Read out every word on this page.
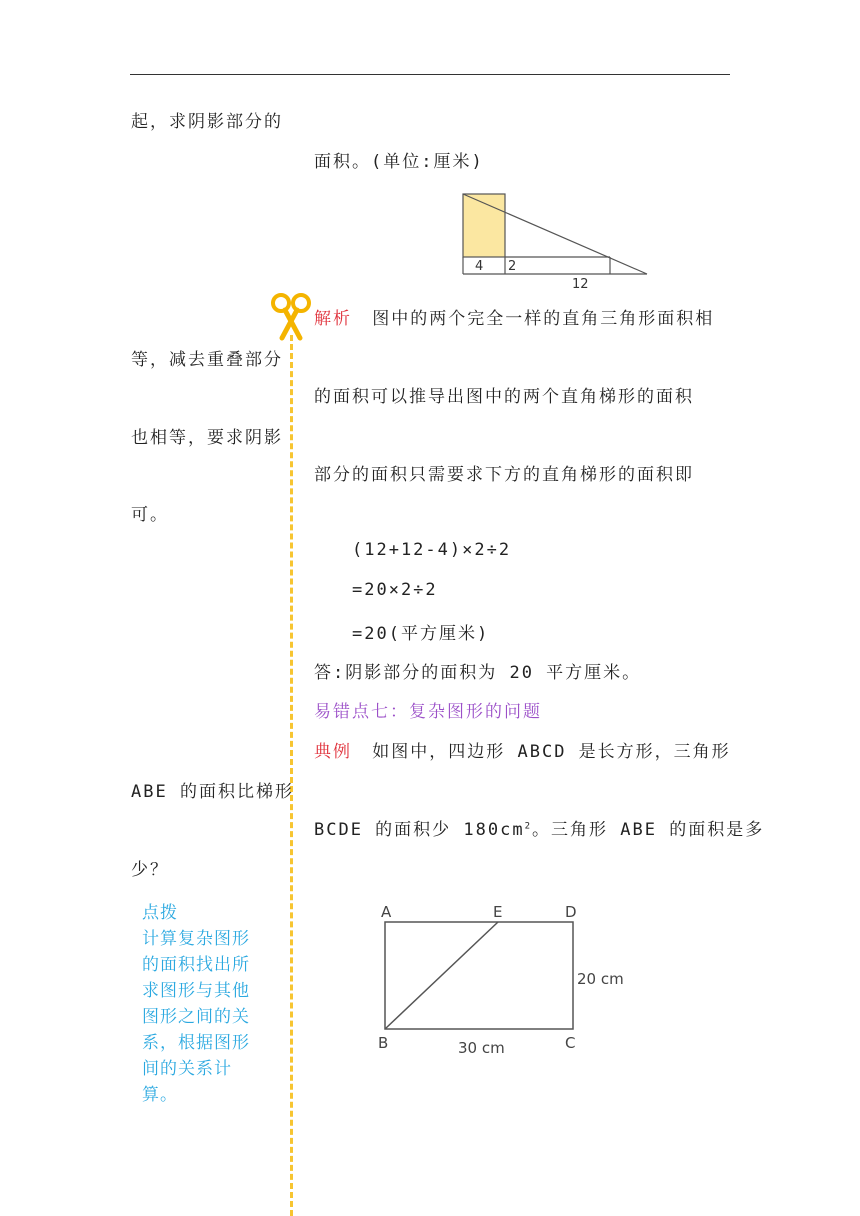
起，求阴影部分的
等，减去重叠部分
也相等，要求阴影
可。
ABE 的面积比梯形
少？
面积。(单位:厘米)
4 2
12
解析 图中的两个完全一样的直角三角形面积相
的面积可以推导出图中的两个直角梯形的面积
部分的面积只需要求下方的直角梯形的面积即
(12+12-4)×2÷2
=20×2÷2
=20(平方厘米)
答:阴影部分的面积为 20 平方厘米。
易错点七：复杂图形的问题
典例 如图中，四边形 ABCD 是长方形，三角形
BCDE 的面积少 $180cm^2$。三角形 ABE 的面积是多
A	E	D
B	C
20 cm
30 cm
点拨
计算复杂图形的面积找出所求图形与其他图形之间的关系，根据图形间的关系计算。
